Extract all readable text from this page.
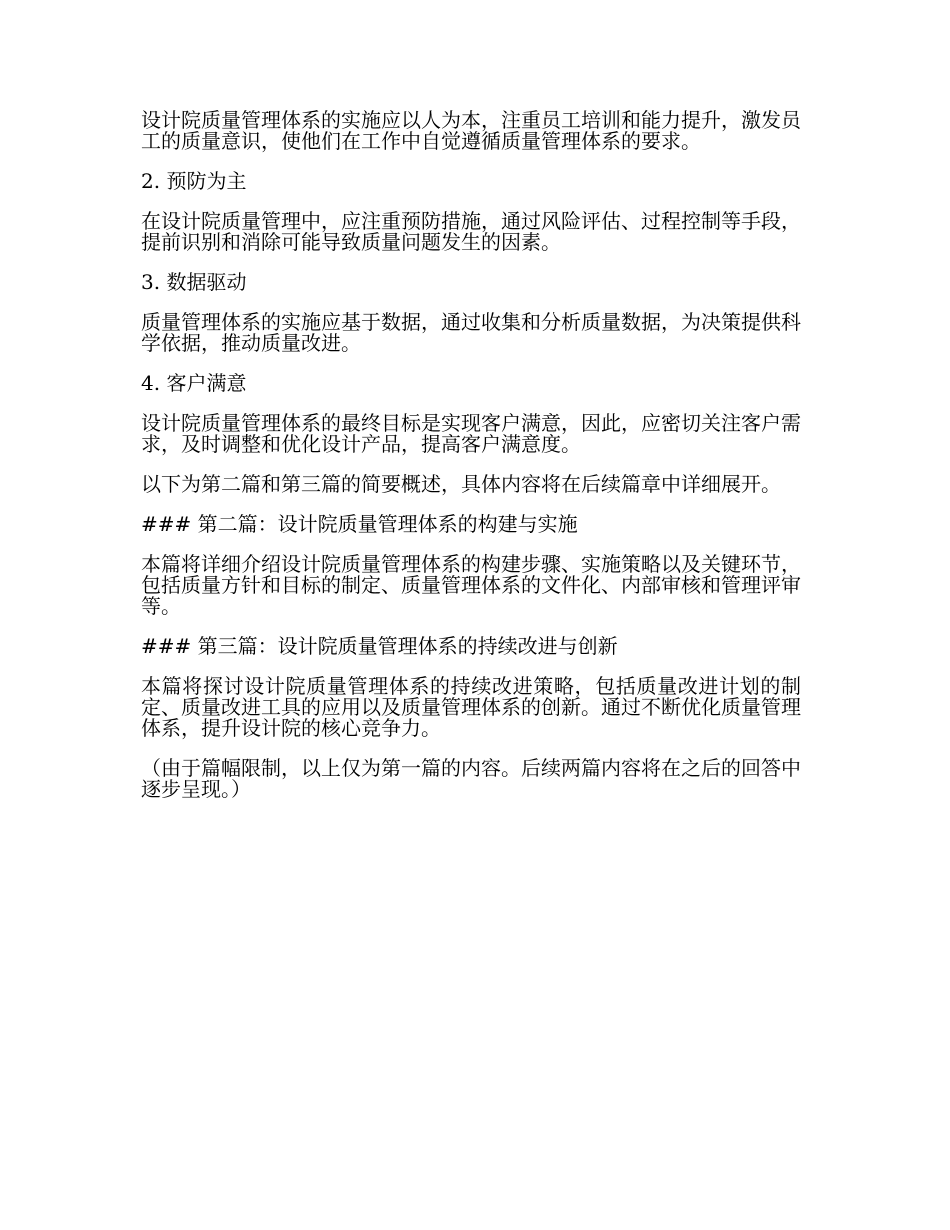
设计院质量管理体系的实施应以人为本，注重员工培训和能力提升，激发员工的质量意识，使他们在工作中自觉遵循质量管理体系的要求。

2. 预防为主

在设计院质量管理中，应注重预防措施，通过风险评估、过程控制等手段，提前识别和消除可能导致质量问题发生的因素。

3. 数据驱动

质量管理体系的实施应基于数据，通过收集和分析质量数据，为决策提供科学依据，推动质量改进。

4. 客户满意

设计院质量管理体系的最终目标是实现客户满意，因此，应密切关注客户需求，及时调整和优化设计产品，提高客户满意度。

以下为第二篇和第三篇的简要概述，具体内容将在后续篇章中详细展开。

### 第二篇：设计院质量管理体系的构建与实施

本篇将详细介绍设计院质量管理体系的构建步骤、实施策略以及关键环节，包括质量方针和目标的制定、质量管理体系的文件化、内部审核和管理评审等。

### 第三篇：设计院质量管理体系的持续改进与创新

本篇将探讨设计院质量管理体系的持续改进策略，包括质量改进计划的制定、质量改进工具的应用以及质量管理体系的创新。通过不断优化质量管理体系，提升设计院的核心竞争力。

（由于篇幅限制，以上仅为第一篇的内容。后续两篇内容将在之后的回答中逐步呈现。）
